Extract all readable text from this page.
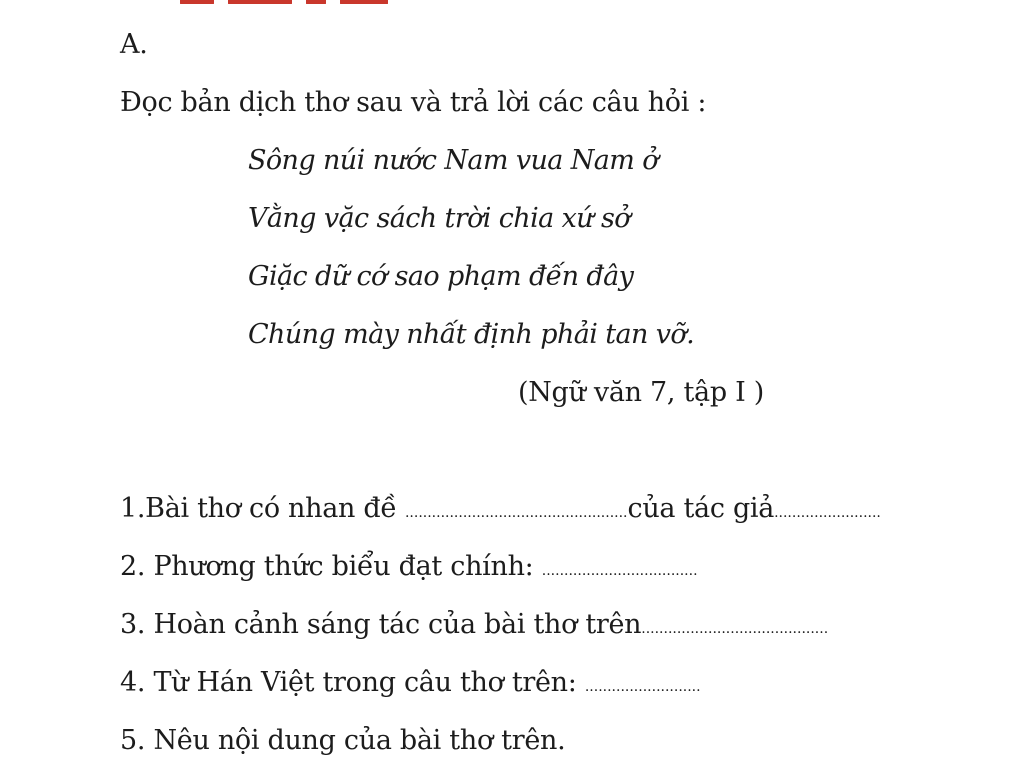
A.
Đọc bản dịch thơ sau và trả lời các câu hỏi :
Sông núi nước Nam vua Nam ở
Vằng vặc sách trời chia xứ sở
Giặc dữ cớ sao phạm đến đây
Chúng mày nhất định phải tan vỡ.
(Ngữ văn 7, tập I )
1.Bài thơ có nhan đề ..................................................của tác giả........................
2. Phương thức biểu đạt chính: ...................................
3. Hoàn cảnh sáng tác của bài thơ trên..........................................
4. Từ Hán Việt trong câu thơ trên: ..........................
5. Nêu nội dung của bài thơ trên.
